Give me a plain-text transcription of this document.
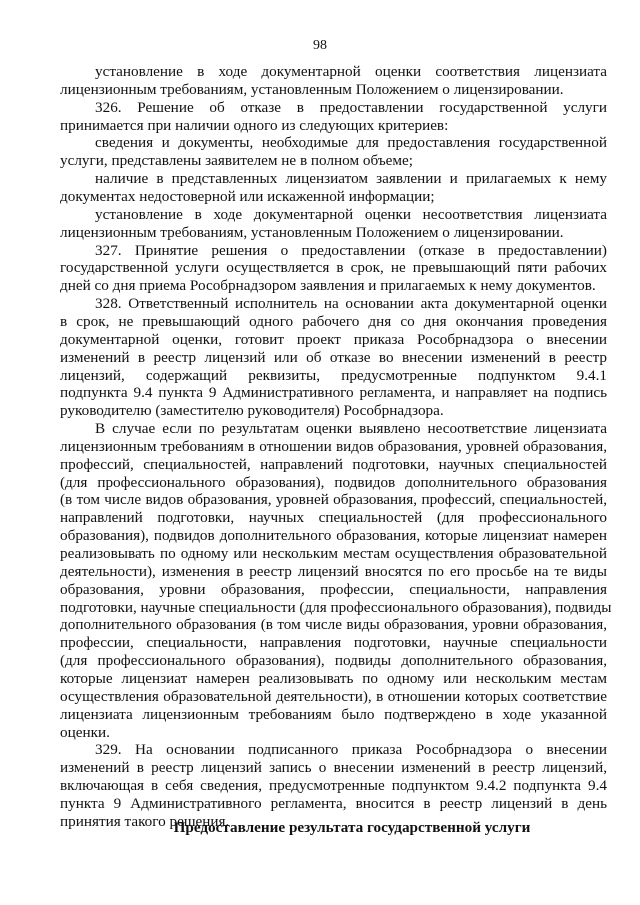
98
установление в ходе документарной оценки соответствия лицензиата
лицензионным требованиям, установленным Положением о лицензировании.
326. Решение об отказе в предоставлении государственной услуги
принимается при наличии одного из следующих критериев:
сведения и документы, необходимые для предоставления государственной
услуги, представлены заявителем не в полном объеме;
наличие в представленных лицензиатом заявлении и прилагаемых к нему
документах недостоверной или искаженной информации;
установление в ходе документарной оценки несоответствия лицензиата
лицензионным требованиям, установленным Положением о лицензировании.
327. Принятие решения о предоставлении (отказе в предоставлении)
государственной услуги осуществляется в срок, не превышающий пяти рабочих
дней со дня приема Рособрнадзором заявления и прилагаемых к нему документов.
328. Ответственный исполнитель на основании акта документарной оценки
в срок, не превышающий одного рабочего дня со дня окончания проведения
документарной оценки, готовит проект приказа Рособрнадзора о внесении
изменений в реестр лицензий или об отказе во внесении изменений в реестр
лицензий, содержащий реквизиты, предусмотренные подпунктом 9.4.1
подпункта 9.4 пункта 9 Административного регламента, и направляет на подпись
руководителю (заместителю руководителя) Рособрнадзора.
В случае если по результатам оценки выявлено несоответствие лицензиата
лицензионным требованиям в отношении видов образования, уровней образования,
профессий, специальностей, направлений подготовки, научных специальностей
(для профессионального образования), подвидов дополнительного образования
(в том числе видов образования, уровней образования, профессий, специальностей,
направлений подготовки, научных специальностей (для профессионального
образования), подвидов дополнительного образования, которые лицензиат намерен
реализовывать по одному или нескольким местам осуществления образовательной
деятельности), изменения в реестр лицензий вносятся по его просьбе на те виды
образования, уровни образования, профессии, специальности, направления
подготовки, научные специальности (для профессионального образования), подвиды
дополнительного образования (в том числе виды образования, уровни образования,
профессии, специальности, направления подготовки, научные специальности
(для профессионального образования), подвиды дополнительного образования,
которые лицензиат намерен реализовывать по одному или нескольким местам
осуществления образовательной деятельности), в отношении которых соответствие
лицензиата лицензионным требованиям было подтверждено в ходе указанной
оценки.
329. На основании подписанного приказа Рособрнадзора о внесении
изменений в реестр лицензий запись о внесении изменений в реестр лицензий,
включающая в себя сведения, предусмотренные подпунктом 9.4.2 подпункта 9.4
пункта 9 Административного регламента, вносится в реестр лицензий в день
принятия такого решения.
Предоставление результата государственной услуги
